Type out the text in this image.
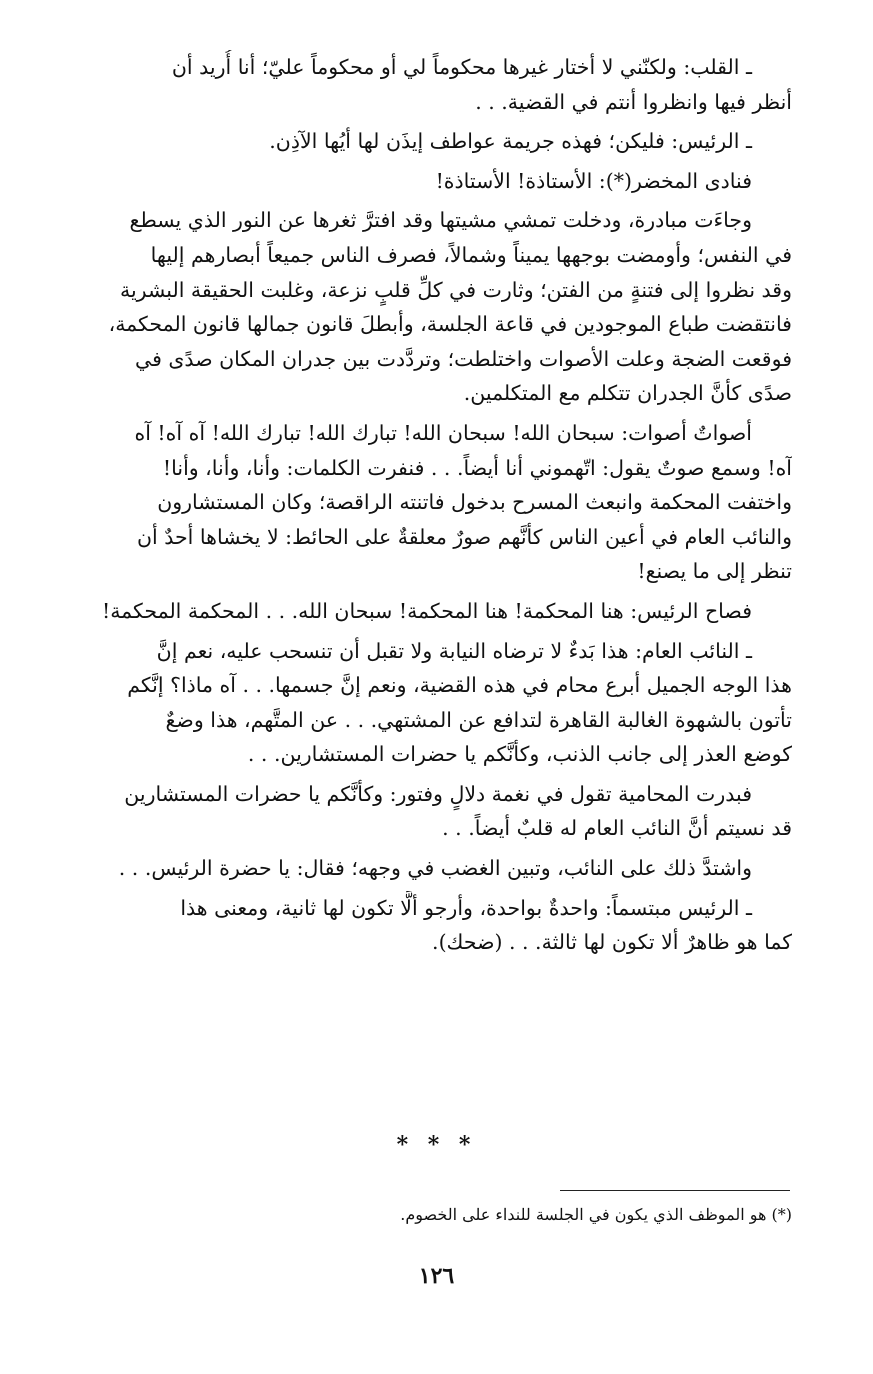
ـ القلب: ولكنّني لا أختار غيرها محكوماً لي أو محكوماً عليّ؛ أنا أُريد أن
أنظر فيها وانظروا أنتم في القضية. . .

ـ الرئيس: فليكن؛ فهذه جريمة عواطف إيذَن لها أيُها الآذِن.

فنادى المخضر(*): الأستاذة! الأستاذة!

وجاءَت مبادرة، ودخلت تمشي مشيتها وقد افترَّ ثغرها عن النور الذي يسطع
في النفس؛ وأومضت بوجهها يميناً وشمالاً، فصرف الناس جميعاً أبصارهم إليها
وقد نظروا إلى فتنةٍ من الفتن؛ وثارت في كلِّ قلبٍ نزعة، وغلبت الحقيقة البشرية
فانتقضت طباع الموجودين في قاعة الجلسة، وأبطلَ قانون جمالها قانون المحكمة،
فوقعت الضجة وعلت الأصوات واختلطت؛ وتردَّدت بين جدران المكان صدًى في
صدًى كأنَّ الجدران تتكلم مع المتكلمين.

أصواتٌ أصوات: سبحان الله! سبحان الله! تبارك الله! تبارك الله! آه آه! آه
آه! وسمع صوتٌ يقول: اتّهموني أنا أيضاً. . . فنفرت الكلمات: وأنا، وأنا، وأنا!
واختفت المحكمة وانبعث المسرح بدخول فاتنته الراقصة؛ وكان المستشارون
والنائب العام في أعين الناس كأنَّهم صورٌ معلقةٌ على الحائط: لا يخشاها أحدٌ أن
تنظر إلى ما يصنع!

فصاح الرئيس: هنا المحكمة! هنا المحكمة! سبحان الله. . . المحكمة المحكمة!

ـ النائب العام: هذا بَدءٌ لا ترضاه النيابة ولا تقبل أن تنسحب عليه، نعم إنَّ
هذا الوجه الجميل أبرع محام في هذه القضية، ونعم إنَّ جسمها. . . آه ماذا؟ إنَّكم
تأتون بالشهوة الغالبة القاهرة لتدافع عن المشتهي. . . عن المتَّهم، هذا وضعٌ
كوضع العذر إلى جانب الذنب، وكأنَّكم يا حضرات المستشارين. . .

فبدرت المحامية تقول في نغمة دلالٍ وفتور: وكأنَّكم يا حضرات المستشارين
قد نسيتم أنَّ النائب العام له قلبٌ أيضاً. . .

واشتدَّ ذلك على النائب، وتبين الغضب في وجهه؛ فقال: يا حضرة الرئيس. . .

ـ الرئيس مبتسماً: واحدةٌ بواحدة، وأرجو ألَّا تكون لها ثانية، ومعنى هذا
كما هو ظاهرٌ ألا تكون لها ثالثة. . . (ضحك).

* * *
(*) هو الموظف الذي يكون في الجلسة للنداء على الخصوم.
١٢٦
